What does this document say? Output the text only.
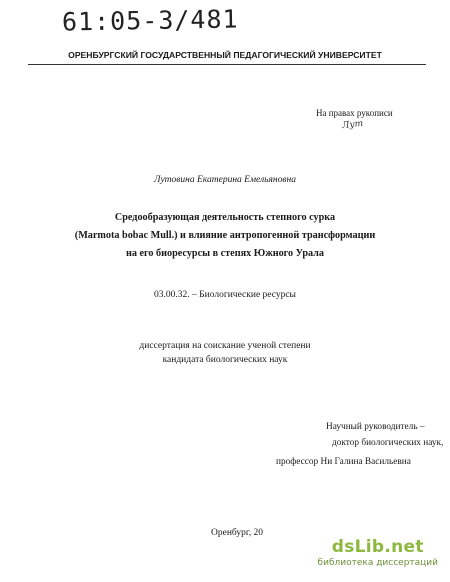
61:05-3/481
ОРЕНБУРГСКИЙ ГОСУДАРСТВЕННЫЙ ПЕДАГОГИЧЕСКИЙ УНИВЕРСИТЕТ
На правах рукописи
Лут
Лутовина Екатерина Емельяновна
Средообразующая деятельность степного сурка
(Marmota bobac Mull.) и влияние антропогенной трансформации
на его биоресурсы в степях Южного Урала
03.00.32. – Биологические ресурсы
диссертация на соискание ученой степени
кандидата биологических наук
Научный руководитель –
доктор биологических наук,
профессор Ни Галина Васильевна
Оренбург, 20
dsLib.net
библиотека диссертаций
